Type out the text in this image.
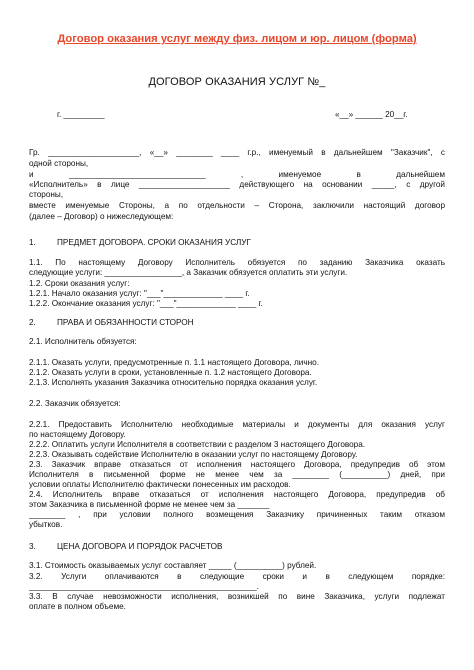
Договор оказания услуг между физ. лицом и юр. лицом (форма)
ДОГОВОР ОКАЗАНИЯ УСЛУГ №_
г. _________	«__» ______ 20__г.
Гр. ____________________, «__» ________ ____ г.р., именуемый в дальнейшем "Заказчик", с
одной стороны,
и ______________________________ , именуемое в дальнейшем
«Исполнитель» в лице ____________________ действующего на основании _____, с другой
стороны,
вместе именуемые Стороны, а по отдельности – Сторона, заключили настоящий договор
(далее – Договор) о нижеследующем:
1.	ПРЕДМЕТ ДОГОВОРА. СРОКИ ОКАЗАНИЯ УСЛУГ
1.1. По настоящему Договору Исполнитель обязуется по заданию Заказчика оказать
следующие услуги: _________________, а Заказчик обязуется оплатить эти услуги.
1.2. Сроки оказания услуг:
1.2.1. Начало оказания услуг: "___"_____________ ____ г.
1.2.2. Окончание оказания услуг: "___"_____________ ____ г.
2.	ПРАВА И ОБЯЗАННОСТИ СТОРОН
2.1. Исполнитель обязуется:
2.1.1. Оказать услуги, предусмотренные п. 1.1 настоящего Договора, лично.
2.1.2. Оказать услуги в сроки, установленные п. 1.2 настоящего Договора.
2.1.3. Исполнять указания Заказчика относительно порядка оказания услуг.
2.2. Заказчик обязуется:
2.2.1. Предоставить Исполнителю необходимые материалы и документы для оказания услуг
по настоящему Договору.
2.2.2. Оплатить услуги Исполнителя в соответствии с разделом 3 настоящего Договора.
2.2.3. Оказывать содействие Исполнителю в оказании услуг по настоящему Договору.
2.3. Заказчик вправе отказаться от исполнения настоящего Договора, предупредив об этом
Исполнителя в письменной форме не менее чем за ________ (__________) дней, при
условии оплаты Исполнителю фактически понесенных им расходов.
2.4. Исполнитель вправе отказаться от исполнения настоящего Договора, предупредив об
этом Заказчика в письменной форме не менее чем за _______
________ , при условии полного возмещения Заказчику причиненных таким отказом
убытков.
3.	ЦЕНА ДОГОВОРА И ПОРЯДОК РАСЧЕТОВ
3.1. Стоимость оказываемых услуг составляет _____ (__________) рублей.
3.2. Услуги оплачиваются в следующие сроки и в следующем порядке:
__________________________________________________.
3.3. В случае невозможности исполнения, возникшей по вине Заказчика, услуги подлежат
оплате в полном объеме.
